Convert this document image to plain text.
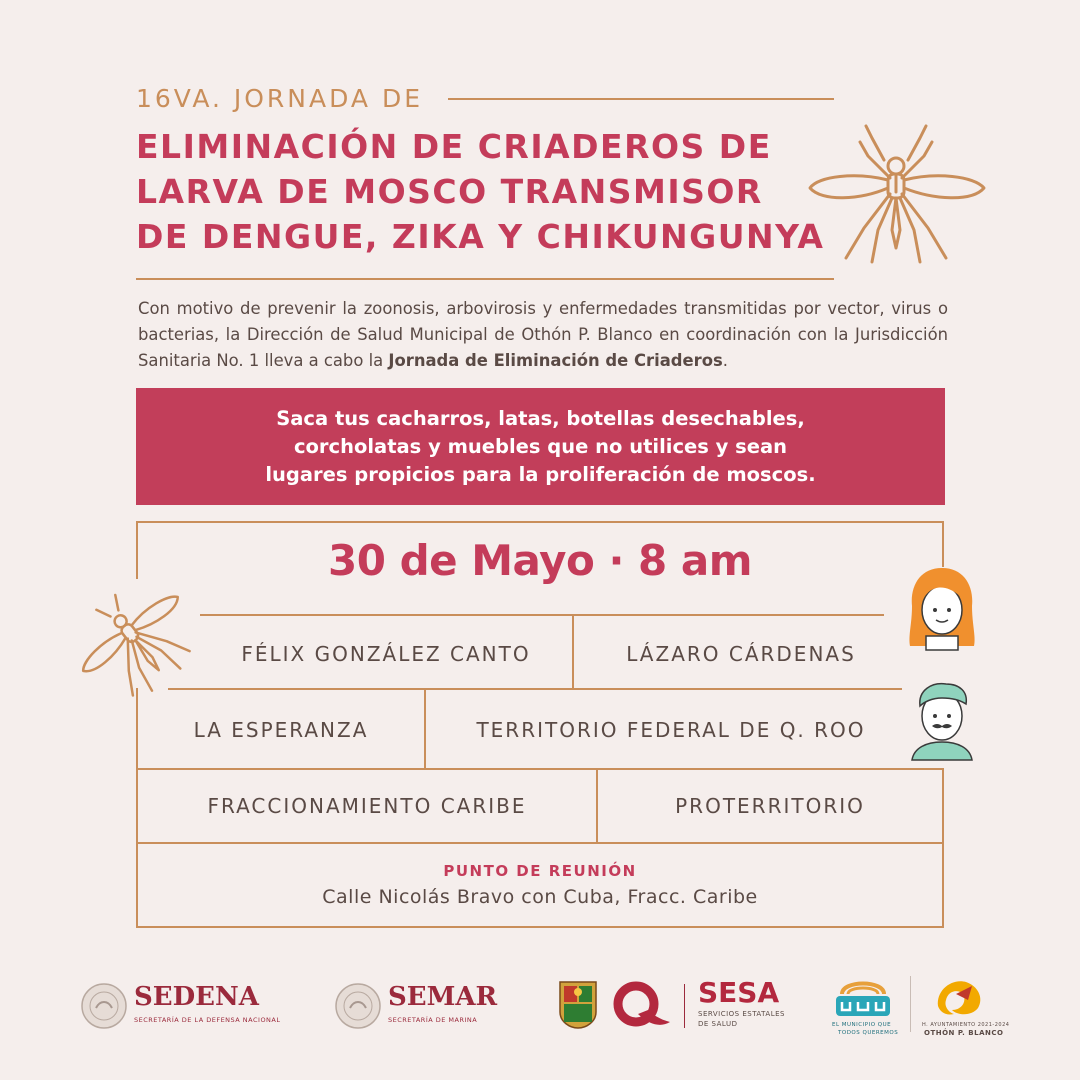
16VA. JORNADA DE
ELIMINACIÓN DE CRIADEROS DE
LARVA DE MOSCO TRANSMISOR
DE DENGUE, ZIKA Y CHIKUNGUNYA
Con motivo de prevenir la zoonosis, arbovirosis y enfermedades transmitidas por vector, virus o bacterias, la Dirección de Salud Municipal de Othón P. Blanco en coordinación con la Jurisdicción Sanitaria No. 1 lleva a cabo la Jornada de Eliminación de Criaderos.
Saca tus cacharros, latas, botellas desechables,
corcholatas y muebles que no utilices y sean
lugares propicios para la proliferación de moscos.
30 de Mayo · 8 am
FÉLIX GONZÁLEZ CANTO	LÁZARO CÁRDENAS
LA ESPERANZA	TERRITORIO FEDERAL DE Q. ROO
FRACCIONAMIENTO CARIBE	PROTERRITORIO
PUNTO DE REUNIÓN
Calle Nicolás Bravo con Cuba, Fracc. Caribe
SEDENA
SECRETARÍA DE LA DEFENSA NACIONAL
SEMAR
SECRETARÍA DE MARINA
SESA
SERVICIOS ESTATALES
DE SALUD	EL MUNICIPIO QUE
TODOS QUEREMOS
H. AYUNTAMIENTO 2021-2024
OTHÓN P. BLANCO
